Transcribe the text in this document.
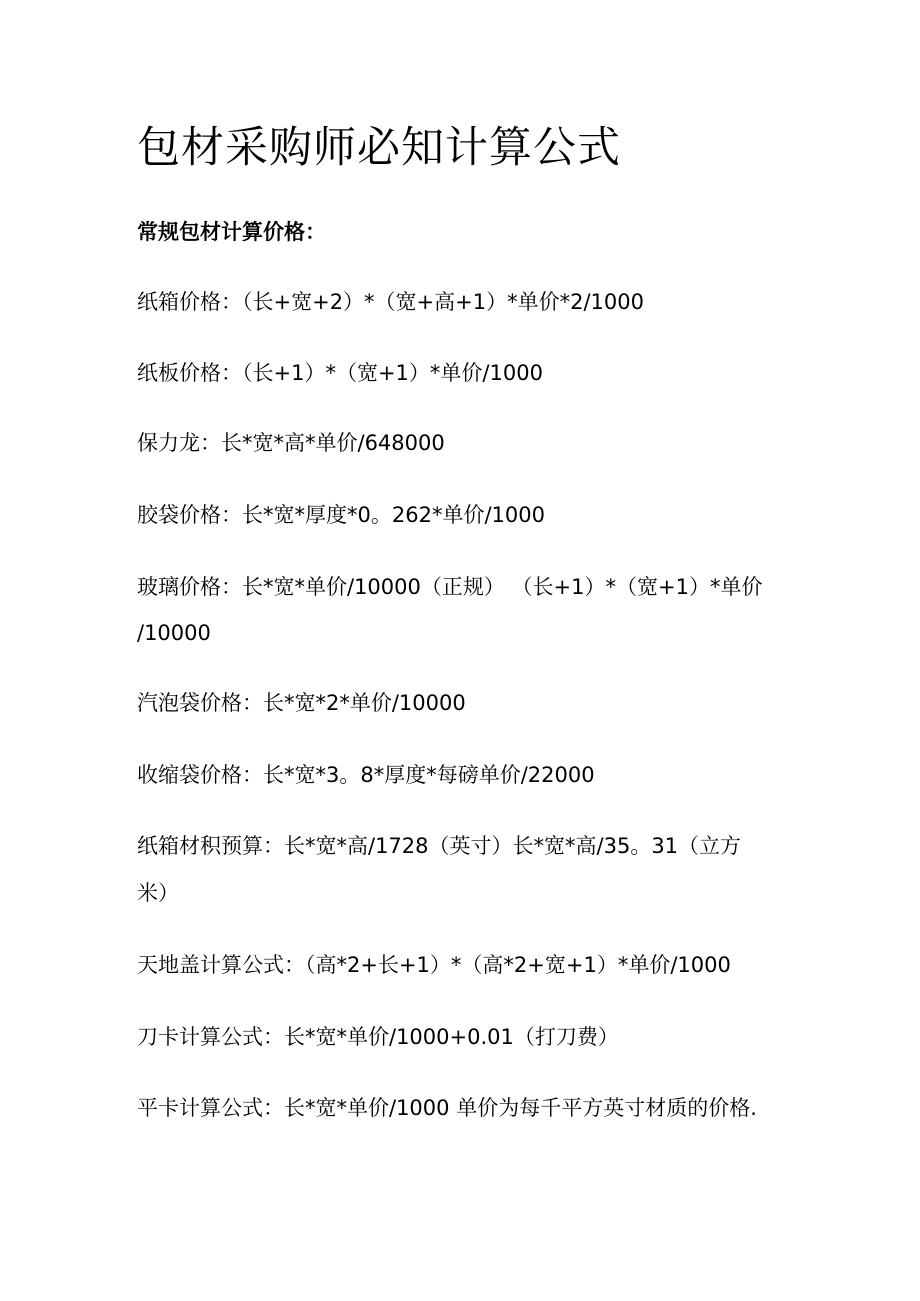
包材采购师必知计算公式
常规包材计算价格：
纸箱价格：（长+宽+2）*（宽+高+1）*单价*2/1000
纸板价格：（长+1）*（宽+1）*单价/1000
保力龙：长*宽*高*单价/648000
胶袋价格：长*宽*厚度*0。262*单价/1000
玻璃价格：长*宽*单价/10000（正规） （长+1）*（宽+1）*单价
/10000
汽泡袋价格：长*宽*2*单价/10000
收缩袋价格：长*宽*3。8*厚度*每磅单价/22000
纸箱材积预算：长*宽*高/1728（英寸）长*宽*高/35。31（立方
米）
天地盖计算公式：（高*2+长+1）*（高*2+宽+1）*单价/1000
刀卡计算公式：长*宽*单价/1000+0.01（打刀费）
平卡计算公式：长*宽*单价/1000 单价为每千平方英寸材质的价格.
